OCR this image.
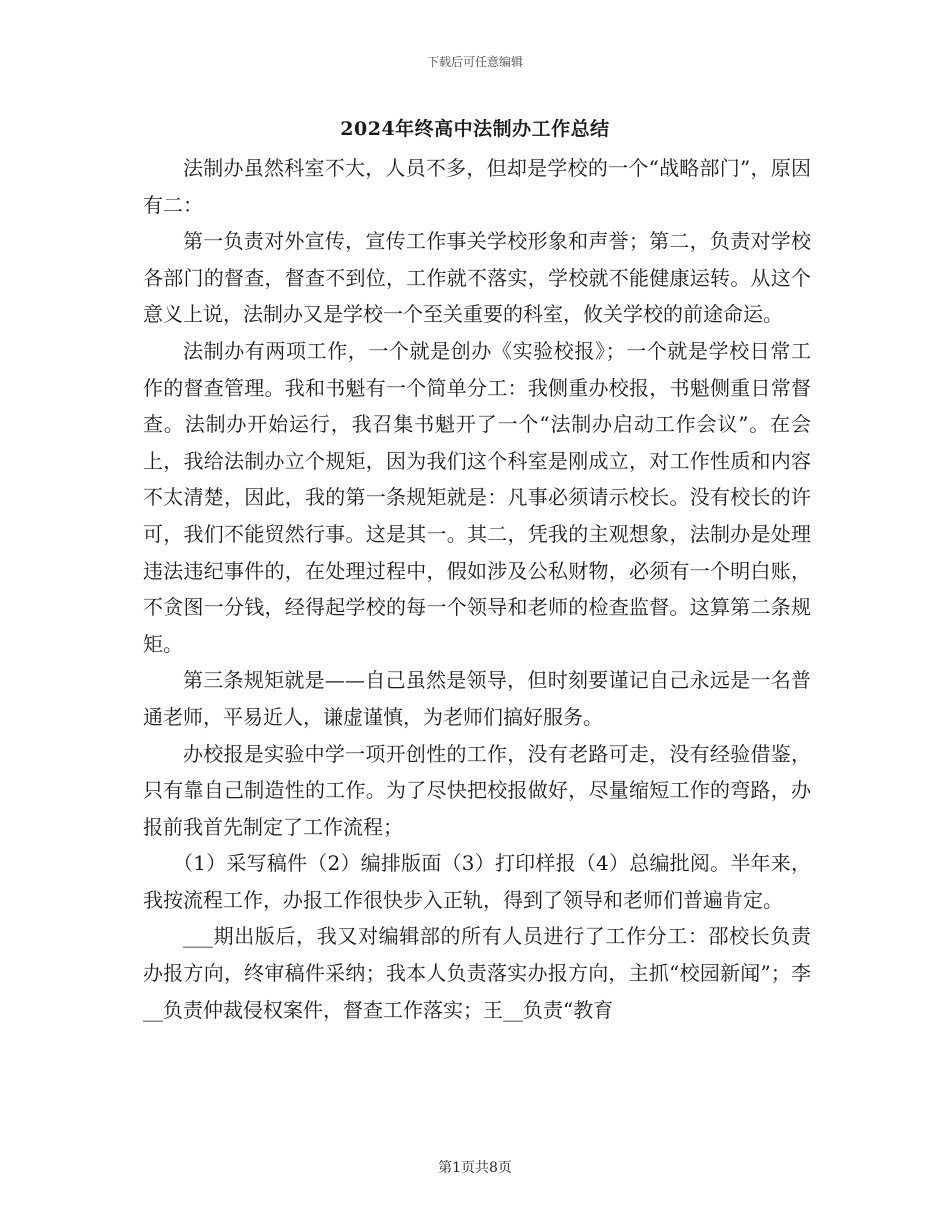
下载后可任意编辑
2024年终高中法制办工作总结

法制办虽然科室不大，人员不多，但却是学校的一个“战略部门”，原因有二：

第一负责对外宣传，宣传工作事关学校形象和声誉；第二，负责对学校各部门的督查，督查不到位，工作就不落实，学校就不能健康运转。从这个意义上说，法制办又是学校一个至关重要的科室，攸关学校的前途命运。

法制办有两项工作，一个就是创办《实验校报》；一个就是学校日常工作的督查管理。我和书魁有一个简单分工：我侧重办校报，书魁侧重日常督查。法制办开始运行，我召集书魁开了一个“法制办启动工作会议”。在会上，我给法制办立个规矩，因为我们这个科室是刚成立，对工作性质和内容不太清楚，因此，我的第一条规矩就是：凡事必须请示校长。没有校长的许可，我们不能贸然行事。这是其一。其二，凭我的主观想象，法制办是处理违法违纪事件的，在处理过程中，假如涉及公私财物，必须有一个明白账，不贪图一分钱，经得起学校的每一个领导和老师的检查监督。这算第二条规矩。

第三条规矩就是——自己虽然是领导，但时刻要谨记自己永远是一名普通老师，平易近人，谦虚谨慎，为老师们搞好服务。

办校报是实验中学一项开创性的工作，没有老路可走，没有经验借鉴，只有靠自己制造性的工作。为了尽快把校报做好，尽量缩短工作的弯路，办报前我首先制定了工作流程；

（1）采写稿件（2）编排版面（3）打印样报（4）总编批阅。半年来，我按流程工作，办报工作很快步入正轨，得到了领导和老师们普遍肯定。

___期出版后，我又对编辑部的所有人员进行了工作分工：邵校长负责办报方向，终审稿件采纳；我本人负责落实办报方向，主抓“校园新闻”；李__负责仲裁侵权案件，督查工作落实；王__负责“教育

第1页共8页
